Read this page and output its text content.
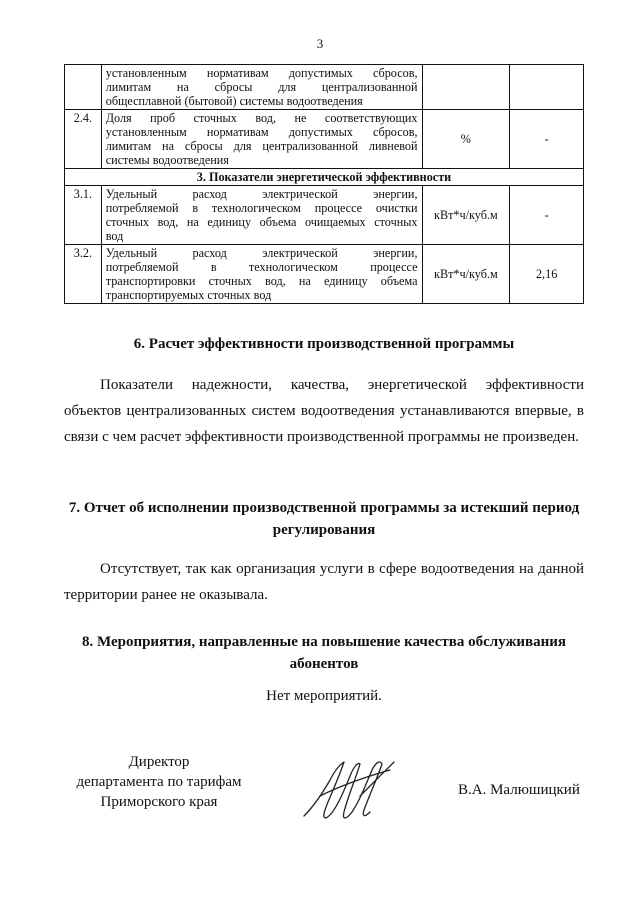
3

	установленным нормативам допустимых сбросов,
лимитам на сбросы для централизованной
общесплавной (бытовой) системы водоотведения		

2.4.	Доля проб сточных вод, не соответствующих
установленным нормативам допустимых сбросов,
лимитам на сбросы для централизованной ливневой
системы водоотведения	%	-
3. Показатели энергетической эффективности			
3.1.	Удельный расход электрической энергии,
потребляемой в технологическом процессе очистки
сточных вод, на единицу объема очищаемых сточных
вод	кВт*ч/куб.м	-
3.2.	Удельный расход электрической энергии,
потребляемой в технологическом процессе
транспортировки сточных вод, на единицу объема
транспортируемых сточных вод	кВт*ч/куб.м	2,16
6. Расчет эффективности производственной программы
Показатели надежности, качества, энергетической эффективности объектов централизованных систем водоотведения устанавливаются впервые, в связи с чем расчет эффективности производственной программы не произведен.
7. Отчет об исполнении производственной программы за истекший период
регулирования
Отсутствует, так как организация услуги в сфере водоотведения на данной территории ранее не оказывала.
8. Мероприятия, направленные на повышение качества обслуживания
абонентов
Нет мероприятий.
Директор
департамента по тарифам
Приморского края
В.А. Малюшицкий
